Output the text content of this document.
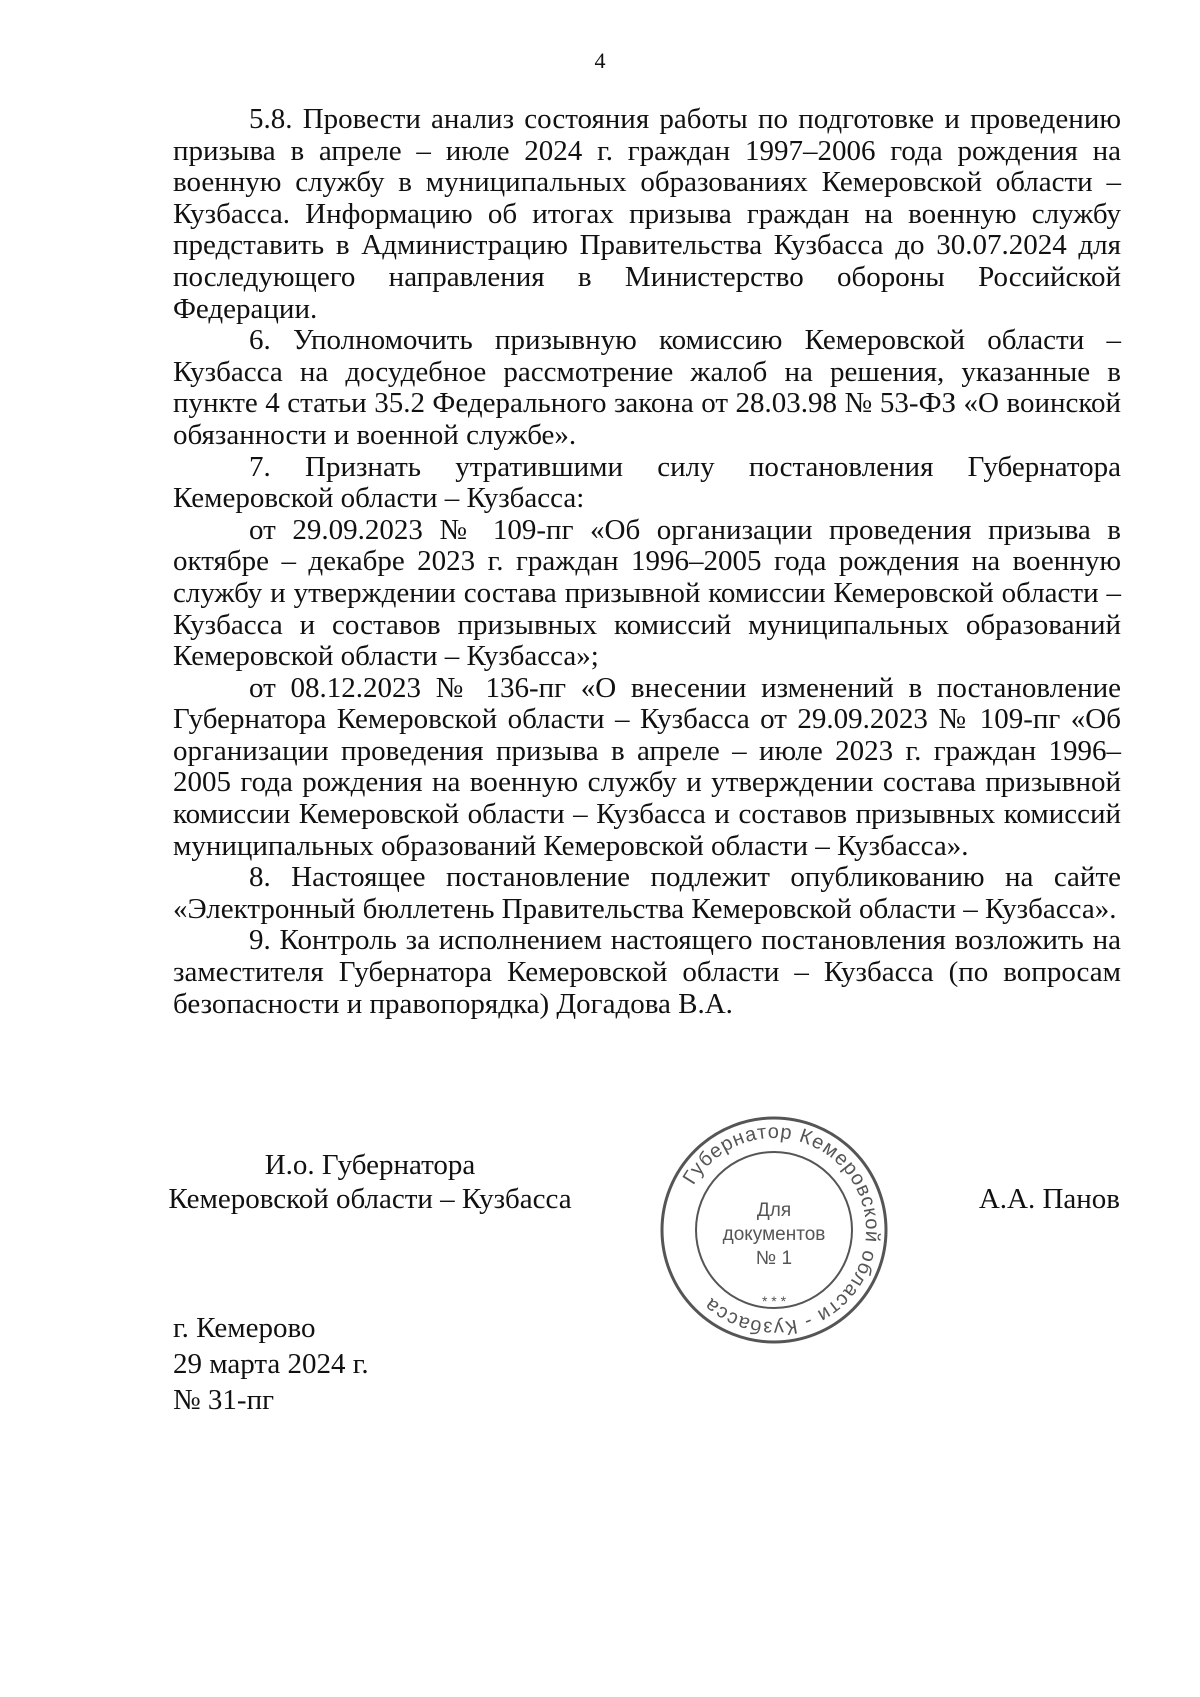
4

5.8. Провести анализ состояния работы по подготовке и проведению призыва в апреле – июле 2024 г. граждан 1997–2006 года рождения на военную службу в муниципальных образованиях Кемеровской области – Кузбасса. Информацию об итогах призыва граждан на военную службу представить в Администрацию Правительства Кузбасса до 30.07.2024 для последующего направления в Министерство обороны Российской Федерации.

6. Уполномочить призывную комиссию Кемеровской области – Кузбасса на досудебное рассмотрение жалоб на решения, указанные в пункте 4 статьи 35.2 Федерального закона от 28.03.98 № 53-ФЗ «О воинской обязанности и военной службе».

7. Признать утратившими силу постановления Губернатора Кемеровской области – Кузбасса:

от 29.09.2023 № 109-пг «Об организации проведения призыва в октябре – декабре 2023 г. граждан 1996–2005 года рождения на военную службу и утверждении состава призывной комиссии Кемеровской области – Кузбасса и составов призывных комиссий муниципальных образований Кемеровской области – Кузбасса»;

от 08.12.2023 № 136-пг «О внесении изменений в постановление Губернатора Кемеровской области – Кузбасса от 29.09.2023 № 109-пг «Об организации проведения призыва в апреле – июле 2023 г. граждан 1996–2005 года рождения на военную службу и утверждении состава призывной комиссии Кемеровской области – Кузбасса и составов призывных комиссий муниципальных образований Кемеровской области – Кузбасса».

8. Настоящее постановление подлежит опубликованию на сайте «Электронный бюллетень Правительства Кемеровской области – Кузбасса».

9. Контроль за исполнением настоящего постановления возложить на заместителя Губернатора Кемеровской области – Кузбасса (по вопросам безопасности и правопорядка) Догадова В.А.

И.о. Губернатора
Кемеровской области – Кузбасса	А.А. Панов
Губернатор Кемеровской области - Кузбасса
Для
документов
№ 1
* * *
г. Кемерово
29 марта 2024 г.
№ 31-пг
